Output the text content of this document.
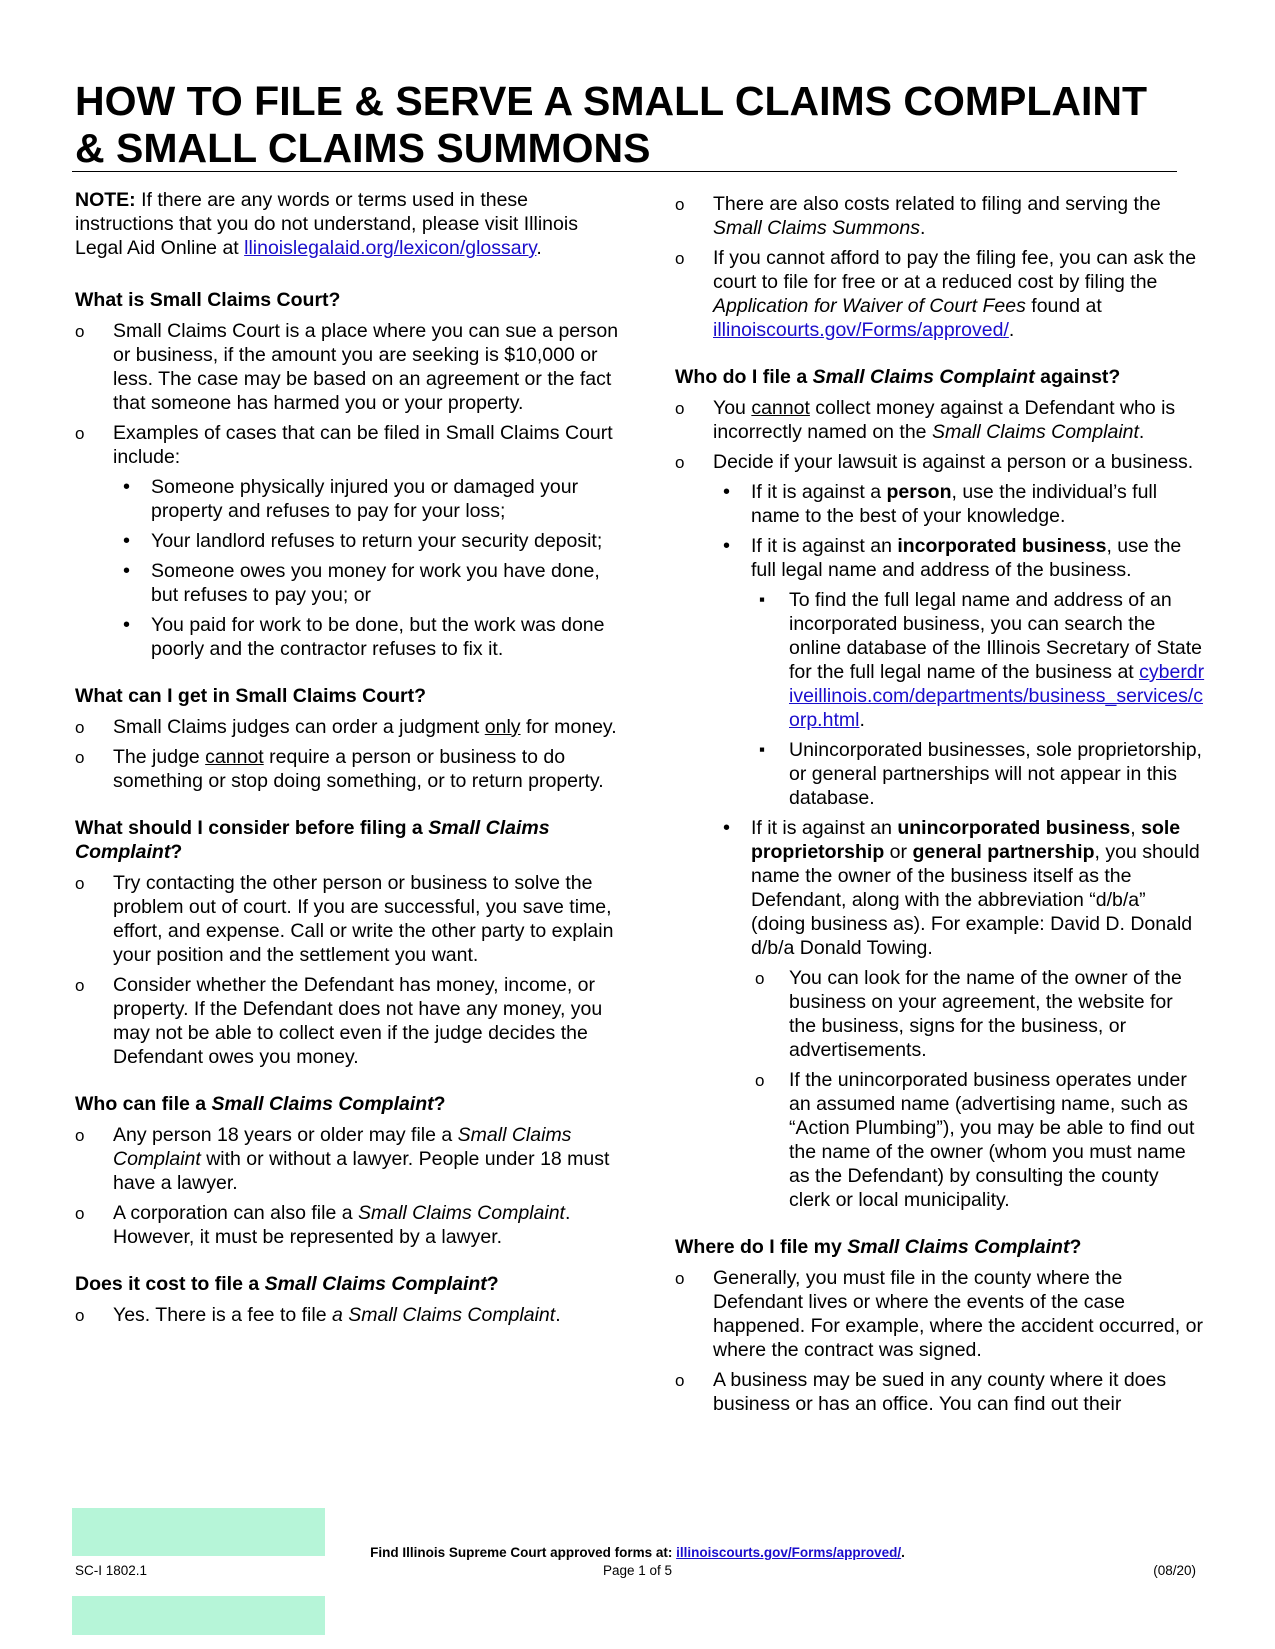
HOW TO FILE & SERVE A SMALL CLAIMS COMPLAINT
& SMALL CLAIMS SUMMONS

NOTE: If there are any words or terms used in these instructions that you do not understand, please visit Illinois Legal Aid Online at llinoislegalaid.org/lexicon/glossary.

What is Small Claims Court?
o Small Claims Court is a place where you can sue a person or business, if the amount you are seeking is $10,000 or less. The case may be based on an agreement or the fact that someone has harmed you or your property.
o Examples of cases that can be filed in Small Claims Court include:
• Someone physically injured you or damaged your property and refuses to pay for your loss;
• Your landlord refuses to return your security deposit;
• Someone owes you money for work you have done, but refuses to pay you; or
• You paid for work to be done, but the work was done poorly and the contractor refuses to fix it.
What can I get in Small Claims Court?
o Small Claims judges can order a judgment only for money.
o The judge cannot require a person or business to do something or stop doing something, or to return property.
What should I consider before filing a Small Claims Complaint?
o Try contacting the other person or business to solve the problem out of court. If you are successful, you save time, effort, and expense. Call or write the other party to explain your position and the settlement you want.
o Consider whether the Defendant has money, income, or property. If the Defendant does not have any money, you may not be able to collect even if the judge decides the Defendant owes you money.
Who can file a Small Claims Complaint?
o Any person 18 years or older may file a Small Claims Complaint with or without a lawyer. People under 18 must have a lawyer.
o A corporation can also file a Small Claims Complaint. However, it must be represented by a lawyer.
Does it cost to file a Small Claims Complaint?
o Yes. There is a fee to file a Small Claims Complaint.
o There are also costs related to filing and serving the Small Claims Summons.
o If you cannot afford to pay the filing fee, you can ask the court to file for free or at a reduced cost by filing the Application for Waiver of Court Fees found at illinoiscourts.gov/Forms/approved/.
Who do I file a Small Claims Complaint against?
o You cannot collect money against a Defendant who is incorrectly named on the Small Claims Complaint.
o Decide if your lawsuit is against a person or a business.
• If it is against a person, use the individual’s full name to the best of your knowledge.
• If it is against an incorporated business, use the full legal name and address of the business.
▪ To find the full legal name and address of an incorporated business, you can search the online database of the Illinois Secretary of State for the full legal name of the business at cyberdriveillinois.com/departments/business_services/corp.html.
▪ Unincorporated businesses, sole proprietorship, or general partnerships will not appear in this database.
• If it is against an unincorporated business, sole proprietorship or general partnership, you should name the owner of the business itself as the Defendant, along with the abbreviation “d/b/a” (doing business as). For example: David D. Donald d/b/a Donald Towing.
o You can look for the name of the owner of the business on your agreement, the website for the business, signs for the business, or advertisements.
o If the unincorporated business operates under an assumed name (advertising name, such as “Action Plumbing”), you may be able to find out the name of the owner (whom you must name as the Defendant) by consulting the county clerk or local municipality.
Where do I file my Small Claims Complaint?
o Generally, you must file in the county where the Defendant lives or where the events of the case happened. For example, where the accident occurred, or where the contract was signed.
o A business may be sued in any county where it does business or has an office. You can find out their
Find Illinois Supreme Court approved forms at: illinoiscourts.gov/Forms/approved/.
SC-I 1802.1	Page 1 of 5	(08/20)
